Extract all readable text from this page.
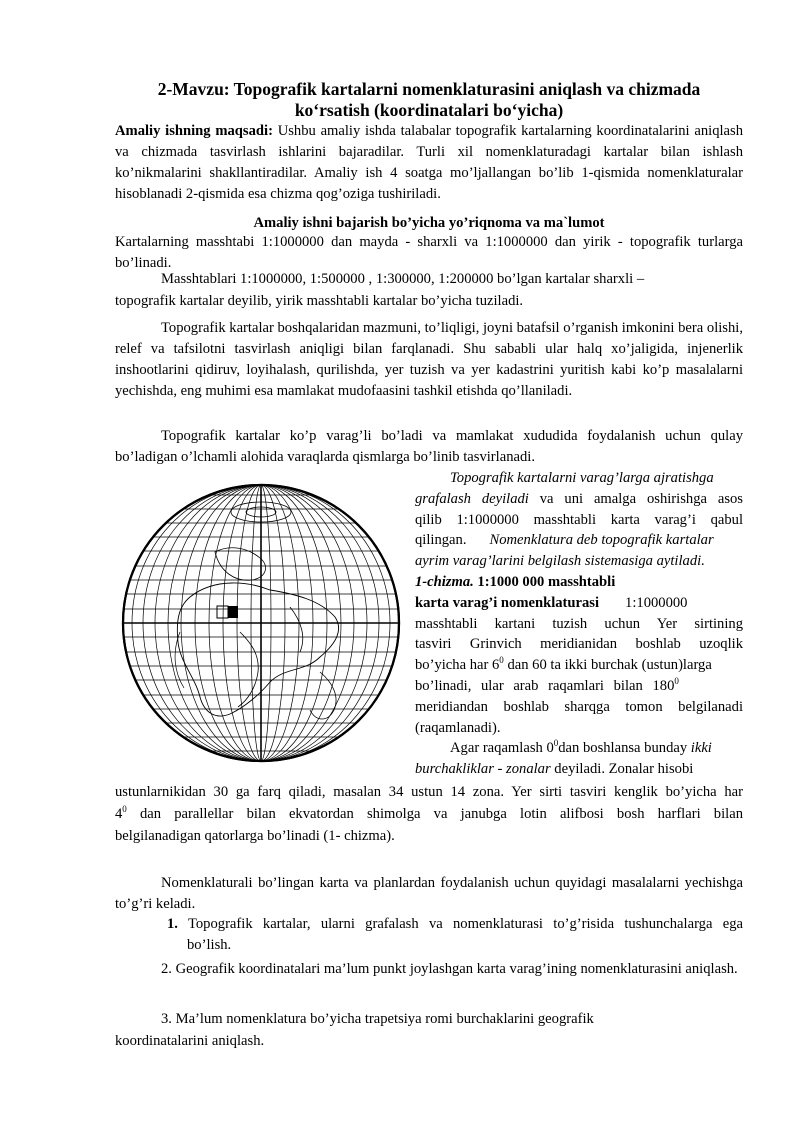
2-Mavzu: Topografik kartalarni nomenklaturasini aniqlash va chizmada
ko‘rsatish (koordinatalari bo‘yicha)

Amaliy ishning maqsadi: Ushbu amaliy ishda talabalar topografik kartalarning koordinatalarini aniqlash va chizmada tasvirlash ishlarini bajaradilar. Turli xil nomenklaturadagi kartalar bilan ishlash ko’nikmalarini shakllantiradilar. Amaliy ish 4 soatga mo’ljallangan bo’lib 1-qismida nomenklaturalar hisoblanadi 2-qismida esa chizma qog’oziga tushiriladi.

Amaliy ishni bajarish bo’yicha yo’riqnoma va ma`lumot

Kartalarning masshtabi 1:1000000 dan mayda - sharxli va 1:1000000 dan yirik - topografik turlarga bo’linadi.

Masshtablari 1:1000000, 1:500000 , 1:300000, 1:200000 bo’lgan kartalar sharxli –
topografik kartalar deyilib, yirik masshtabli kartalar bo’yicha tuziladi.

Topografik kartalar boshqalaridan mazmuni, to’liqligi, joyni batafsil o’rganish imkonini bera olishi, relef va tafsilotni tasvirlash aniqligi bilan farqlanadi. Shu sababli ular halq xo’jaligida, injenerlik inshootlarini qidiruv, loyihalash, qurilishda, yer tuzish va yer kadastrini yuritish kabi ko’p masalalarni yechishda, eng muhimi esa mamlakat mudofaasini tashkil etishda qo’llaniladi.

Topografik kartalar ko’p varag’li bo’ladi va mamlakat xududida foydalanish uchun qulay bo’ladigan o’lchamli alohida varaqlarda qismlarga bo’linib tasvirlanadi.

Topografik kartalarni varag’larga ajratishga
grafalash deyiladi va uni amalga oshirishga asos
qilib 1:1000000 masshtabli karta varag’i qabul
qilingan. Nomenklatura deb topografik kartalar
ayrim varag’larini belgilash sistemasiga aytiladi.
1-chizma. 1:1000 000 masshtabli
karta varag’i nomenklaturasi 1:1000000
masshtabli kartani tuzish uchun Yer sirtining
tasviri Grinvich meridianidan boshlab uzoqlik
bo’yicha har $6^0$ dan 60 ta ikki burchak (ustun)larga
bo’linadi, ular arab raqamlari bilan $180^0$
meridiandan boshlab sharqga tomon belgilanadi
(raqamlanadi).
Agar raqamlash $0^0dan$ boshlansa bunday ikki
burchakliklar - zonalar deyiladi. Zonalar hisobi
ustunlarnikidan 30 ga farq qiladi, masalan 34 ustun 14 zona. Yer sirti tasviri kenglik bo’yicha har
$4^0$ dan parallellar bilan ekvatordan shimolga va janubga lotin alifbosi bosh harflari bilan
belgilanadigan qatorlarga bo’linadi (1- chizma).

Nomenklaturali bo’lingan karta va planlardan foydalanish uchun quyidagi masalalarni yechishga to’g’ri keladi.

1. Topografik kartalar, ularni grafalash va nomenklaturasi to’g’risida tushunchalarga ega
bo’lish.

2. Geografik koordinatalari ma’lum punkt joylashgan karta varag’ining nomenklaturasini aniqlash.

3. Ma’lum nomenklatura bo’yicha trapetsiya romi burchaklarini geografik
koordinatalarini aniqlash.
